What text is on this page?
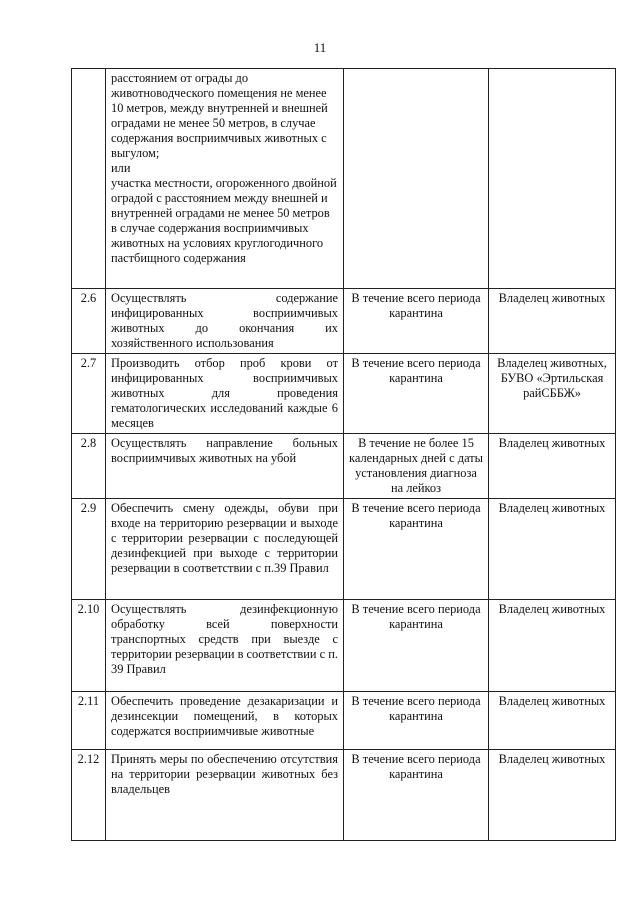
11

	расстоянием от ограды до животноводческого помещения не менее 10 метров, между внутренней и внешней оградами не менее 50 метров, в случае содержания восприимчивых животных с выгулом;
или
участка местности, огороженного двойной оградой с расстоянием между внешней и внутренней оградами не менее 50 метров в случае содержания восприимчивых животных на условиях круглогодичного пастбищного содержания		

2.6	Осуществлять содержание инфицированных восприимчивых животных до окончания их хозяйственного использования	В течение всего периода карантина	Владелец животных
2.7	Производить отбор проб крови от инфицированных восприимчивых животных для проведения гематологических исследований каждые 6 месяцев	В течение всего периода карантина	Владелец животных, БУВО «Эртильская райСББЖ»
2.8	Осуществлять направление больных восприимчивых животных на убой	В течение не более 15 календарных дней с даты установления диагноза на лейкоз	Владелец животных
2.9	Обеспечить смену одежды, обуви при входе на территорию резервации и выходе с территории резервации с последующей дезинфекцией при выходе с территории резервации в соответствии с п.39 Правил	В течение всего периода карантина	Владелец животных
2.10	Осуществлять дезинфекционную обработку всей поверхности транспортных средств при выезде с территории резервации в соответствии с п. 39 Правил	В течение всего периода карантина	Владелец животных
2.11	Обеспечить проведение дезакаризации и дезинсекции помещений, в которых содержатся восприимчивые животные	В течение всего периода карантина	Владелец животных
2.12	Принять меры по обеспечению отсутствия на территории резервации животных без владельцев	В течение всего периода карантина	Владелец животных
